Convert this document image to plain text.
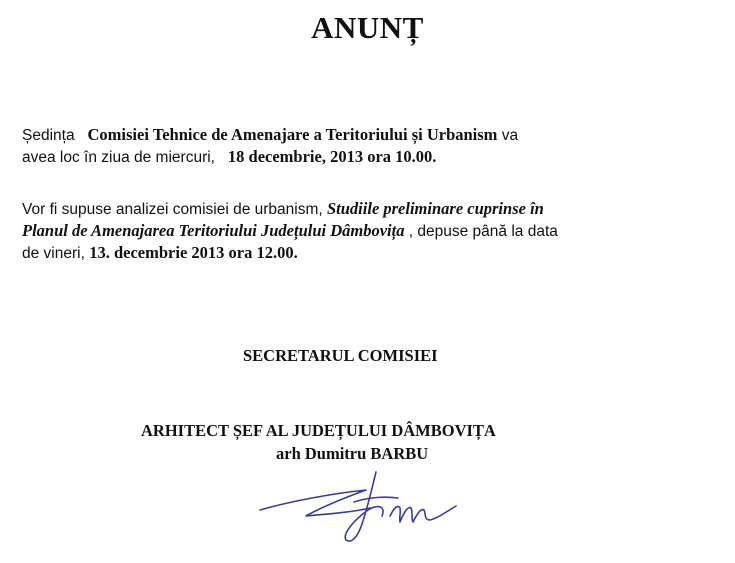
ANUNȚ

Ședința Comisiei Tehnice de Amenajare a Teritoriului și Urbanism va
avea loc în ziua de miercuri, 18 decembrie, 2013 ora 10.00.

Vor fi supuse analizei comisiei de urbanism, Studiile preliminare cuprinse în
Planul de Amenajarea Teritoriului Județului Dâmbovița , depuse până la data
de vineri, 13. decembrie 2013 ora 12.00.

SECRETARUL COMISIEI
ARHITECT ȘEF AL JUDEȚULUI DÂMBOVIȚA
arh Dumitru BARBU
